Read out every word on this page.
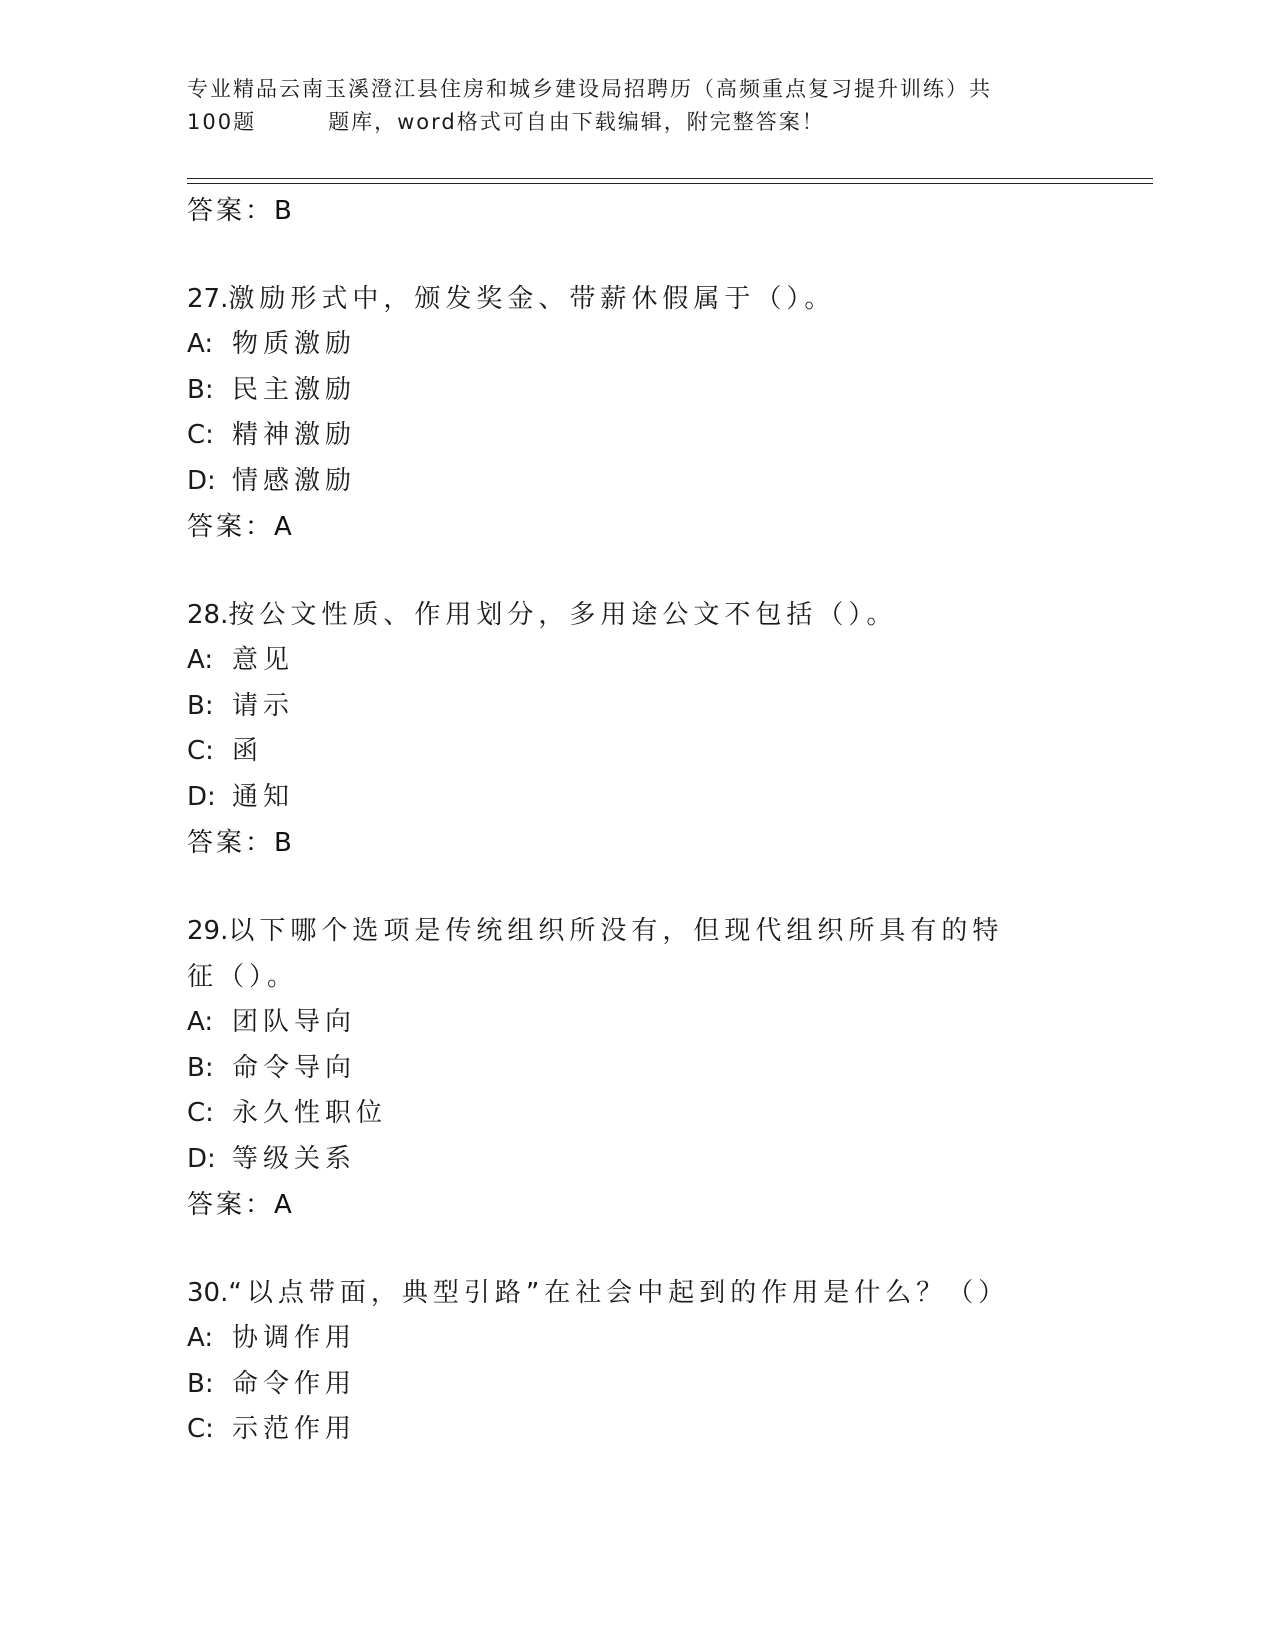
专业精品云南玉溪澄江县住房和城乡建设局招聘历（高频重点复习提升训练）共
100题	题库，word格式可自由下载编辑，附完整答案！
答案：B
27.激励形式中，颁发奖金、带薪休假属于（）。
A: 物质激励
B: 民主激励
C: 精神激励
D: 情感激励
答案：A
28.按公文性质、作用划分，多用途公文不包括（）。
A: 意见
B: 请示
C: 函
D: 通知
答案：B
29.以下哪个选项是传统组织所没有，但现代组织所具有的特征（）。
A: 团队导向
B: 命令导向
C: 永久性职位
D: 等级关系
答案：A
30.“以点带面，典型引路”在社会中起到的作用是什么？（）
A: 协调作用
B: 命令作用
C: 示范作用
